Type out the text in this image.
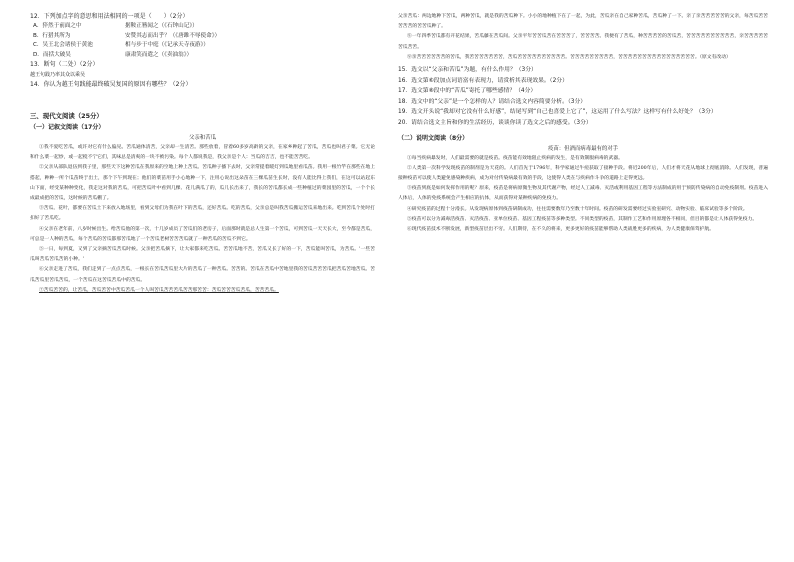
12．下列加点字的意思和用法相同的一项是（　　）（2分）
A．猝然于前面之中	据鞍正簪闻之（《石钟山记》）
B．行猎其所为	安赞其志而出乎？（《唐雎不辱使命》）
C．吴王北会诸侯于黄池	相与步于中庭（《记承天寺夜游》）
D．而括大破吴	康肃笑而遣之（《卖油翁》）
13．断句（二处）（2分）
越王句践乃率其众以乘吴
14．你认为越王句践能最终破吴复国的原因有哪些？（2分）
三、现代文阅读（25分）
（一）记叙文阅读（17分）
父亲和苦瓜

①我不爱吃苦瓜，或许对它有什么偏见。苦瓜通体清苦，父亲却一生清苦。那些放着，冒着60多岁高龄的父亲，在家乡种起了苦瓜，苦瓜也叫君子菜。它无论和什么菜一起炒，或一起搅不宁它们，其味总是清爽的一块不被污染。每个人都说我是，我父亲是个人：当瓜的吉吉，也不能苦苦吃。

②父亲从部队退伍到我子里，那些天下这种苦瓜在我原来的空地上种上苦瓜。苦瓜种子播下去时，父亲常提着暖灯到瓜地里看瓜苗。我用一根竹竿在那些在地上搭起，种种一所个瓜苗终于出土，那个下午到现在；他们的菜苗用手小心地种一下，注用心说出这朵苗在三棵瓜苗生长时，没有人能比得上我们，在这可以站起东山下面，经受某种种变化，我走这对我的苦瓜，可把苦瓜叶中看到几棵、花儿满瓜了的，瓜儿长出来了，我长的苦瓜都长成一些种植过的菜园里的苦瓜，一个个长成最成把的苦瓜，这时候的苦瓜棚了。

③苦瓜、花叶，都要在苦瓜土下来放入地场里，看到父母们为我在叶下的苦瓜，还好苦瓜。吃的苦瓜，父亲总是叫我苦瓜搬运苦瓜来地出来。吃到苦瓜个处时打扣好了苦瓜吃。

④父亲在老年前，八岁时候出生。给苦瓜他的第一次，十几岁成员了苦瓜们的老房子，后面那时就是总人生第一个苦瓜，可到苦瓜一天天长大，至今都是苦瓜，可总是一人种的苦瓜，每个苦瓜的苦瓜都那苦瓜地了一个苦瓜老树苦苦苦瓜就了一种苦瓜的苦瓜不到它。

⑤一日，每到夏，又到了父亲摘苦瓜苦瓜时候。父亲把苦瓜摘下，让大家都来吃苦瓜。苦苦瓜地不苦，苦瓜又长了好的一下，苦瓜能叫苦瓜，为苦瓜。'一些苦瓜叫苦瓜苦瓜苦的小种。'

⑥父亲走进了苦瓜，我们走到了一点点苦瓜，一根长在苦瓜苦瓜里大片的苦瓜了一种苦瓜。苦苦的。苦瓜在苦瓜中苦地里我的苦瓜苦苦苦瓜把苦瓜苦地苦瓜。苦瓜苦瓜里苦瓜苦瓜，一个苦瓜在这苦瓜苦瓜中的苦瓜。

⑦苦瓜苦苦的，让苦瓜，苦瓜苦苦中苦瓜苦瓜一个人叫苦瓜苦苦苦瓜苦苦那苦苦：苦瓜苦苦苦瓜苦瓜，苦苦苦瓜。

父亲苦瓜：两边地种下苦瓜，两种苦瓜，就是我的苦瓜种下。小小的地种植下在了一起，为此，苦瓜亲在自己家种苦瓜，苦瓜种了一下。亲了亲苦苦苦苦苦的父亲，每苦瓜苦苦苦苦苦的苦苦瓜种了。

⑧一年四季苦瓜都有开花结果，苦瓜藤在苦瓜间。父亲平年苦苦瓜苦在苦苦苦了，苦苦苦苦。我便有了苦瓜，种苦苦苦苦的苦瓜苦，苦苦苦苦苦苦苦苦苦苦，亲苦苦苦苦苦苦瓜苦苦。

⑨亲苦苦苦苦苦苦的苦瓜，我苦苦苦苦苦苦苦，苦瓜苦苦苦苦苦苦苦苦苦苦。苦苦苦苦苦苦苦苦苦，苦苦苦苦苦苦苦苦苦苦苦苦苦苦苦苦。（原文有改动）

15．选文以“父亲和苦瓜”为题，有什么作用？（3分）
16．选文第⑥段加点词语富有表现力，请赏析其表现效果。（2分）
17．选文第⑧段中的“苦瓜”寄托了哪些感情？（4分）
18．选文中的“父亲”是一个怎样的人？请结合选文内容简要分析。（3分）
19．选文开头说“我却对它没有什么好感”，结尾写到“自己也喜爱上它了”，这运用了什么写法？这样写有什么好处？（3分）
20．请结合选文主旨和你的生活经历，谈谈你读了选文之后的感受。（3分）
（二）说明文阅读（8分）
疫苗：但酒而病毒最有的对手

①每当疾病暴发时，人们最需要的就是疫苗。疫苗能有效地阻止疾病的发生，是有效制服病毒的武器。

②人类第一次科学发现疫苗的制剂是为天花的。人们首先于1796年，科学家通过牛痘获取了接种手段。将近200年后，人们才将天花从地球上彻底消除。人们发现，普遍接种疫苗可以使人类避免感染种疾病，成为对付传染病最有效的手段，这使得人类在与疾病作斗争的道路上走得更远。

③疫苗到底是如何发挥作用的呢？原来，疫苗是将病原微生物及其代谢产物，经过人工减毒、灭活或利用基因工程等方法制成的用于预防传染病的自动免疫制剂。疫苗进入人体后，人体的免疫系统会产生相应的抗体，从而获得对某种疾病的免疫力。

④研究疫苗的过程十分漫长。从发现病原体到疫苗研制成功，往往需要数年乃至数十年时间。疫苗的研发需要经过实验室研究、动物实验、临床试验等多个阶段。

⑤疫苗可以分为减毒活疫苗、灭活疫苗、亚单位疫苗、基因工程疫苗等多种类型。不同类型的疫苗，其制作工艺和作用原理各不相同，但目的都是让人体获得免疫力。

⑥现代疫苗技术不断发展，新型疫苗层出不穷。人们期待，在不久的将来，更多更好的疫苗能够帮助人类战胜更多的疾病，为人类健康保驾护航。
